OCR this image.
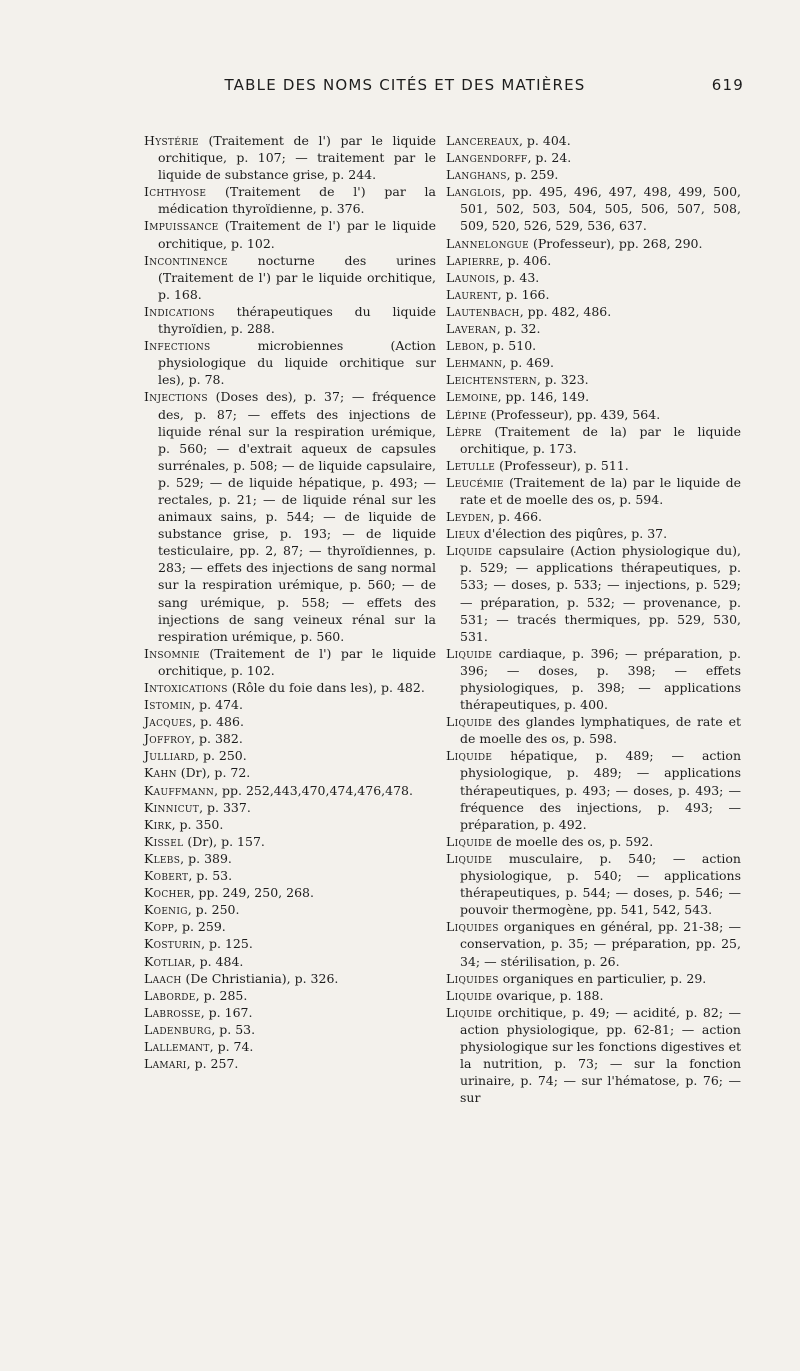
TABLE DES NOMS CITÉS ET DES MATIÈRES	619

Hystérie (Traitement de l') par le liquide orchitique, p. 107; — traitement par le liquide de substance grise, p. 244.

Ichthyose (Traitement de l') par la médication thyroïdienne, p. 376.

Impuissance (Traitement de l') par le liquide orchitique, p. 102.

Incontinence nocturne des urines (Traitement de l') par le liquide orchitique, p. 168.

Indications thérapeutiques du liquide thyroïdien, p. 288.

Infections microbiennes (Action physiologique du liquide orchitique sur les), p. 78.

Injections (Doses des), p. 37; — fréquence des, p. 87; — effets des injections de liquide rénal sur la respiration urémique, p. 560; — d'extrait aqueux de capsules surrénales, p. 508; — de liquide capsulaire, p. 529; — de liquide hépatique, p. 493; — rectales, p. 21; — de liquide rénal sur les animaux sains, p. 544; — de liquide de substance grise, p. 193; — de liquide testiculaire, pp. 2, 87; — thyroïdiennes, p. 283; — effets des injections de sang normal sur la respiration urémique, p. 560; — de sang urémique, p. 558; — effets des injections de sang veineux rénal sur la respiration urémique, p. 560.

Insomnie (Traitement de l') par le liquide orchitique, p. 102.

Intoxications (Rôle du foie dans les), p. 482.

Istomin, p. 474.

Jacques, p. 486.

Joffroy, p. 382.

Julliard, p. 250.

Kahn (Dr), p. 72.

Kauffmann, pp. 252,443,470,474,476,478.

Kinnicut, p. 337.

Kirk, p. 350.

Kissel (Dr), p. 157.

Klebs, p. 389.

Kobert, p. 53.

Kocher, pp. 249, 250, 268.

Koenig, p. 250.

Kopp, p. 259.

Kosturin, p. 125.

Kotliar, p. 484.

Laach (De Christiania), p. 326.

Laborde, p. 285.

Labrosse, p. 167.

Ladenburg, p. 53.

Lallemant, p. 74.

Lamari, p. 257.

Lancereaux, p. 404.

Langendorff, p. 24.

Langhans, p. 259.

Langlois, pp. 495, 496, 497, 498, 499, 500, 501, 502, 503, 504, 505, 506, 507, 508, 509, 520, 526, 529, 536, 637.

Lannelongue (Professeur), pp. 268, 290.

Lapierre, p. 406.

Launois, p. 43.

Laurent, p. 166.

Lautenbach, pp. 482, 486.

Laveran, p. 32.

Lebon, p. 510.

Lehmann, p. 469.

Leichtenstern, p. 323.

Lemoine, pp. 146, 149.

Lépine (Professeur), pp. 439, 564.

Lèpre (Traitement de la) par le liquide orchitique, p. 173.

Letulle (Professeur), p. 511.

Leucémie (Traitement de la) par le liquide de rate et de moelle des os, p. 594.

Leyden, p. 466.

Lieux d'élection des piqûres, p. 37.

Liquide capsulaire (Action physiologique du), p. 529; — applications thérapeutiques, p. 533; — doses, p. 533; — injections, p. 529; — préparation, p. 532; — provenance, p. 531; — tracés thermiques, pp. 529, 530, 531.

Liquide cardiaque, p. 396; — préparation, p. 396; — doses, p. 398; — effets physiologiques, p. 398; — applications thérapeutiques, p. 400.

Liquide des glandes lymphatiques, de rate et de moelle des os, p. 598.

Liquide hépatique, p. 489; — action physiologique, p. 489; — applications thérapeutiques, p. 493; — doses, p. 493; — fréquence des injections, p. 493; — préparation, p. 492.

Liquide de moelle des os, p. 592.

Liquide musculaire, p. 540; — action physiologique, p. 540; — applications thérapeutiques, p. 544; — doses, p. 546; — pouvoir thermogène, pp. 541, 542, 543.

Liquides organiques en général, pp. 21-38; — conservation, p. 35; — préparation, pp. 25, 34; — stérilisation, p. 26.

Liquides organiques en particulier, p. 29.

Liquide ovarique, p. 188.

Liquide orchitique, p. 49; — acidité, p. 82; — action physiologique, pp. 62-81; — action physiologique sur les fonctions digestives et la nutrition, p. 73; — sur la fonction urinaire, p. 74; — sur l'hématose, p. 76; — sur
